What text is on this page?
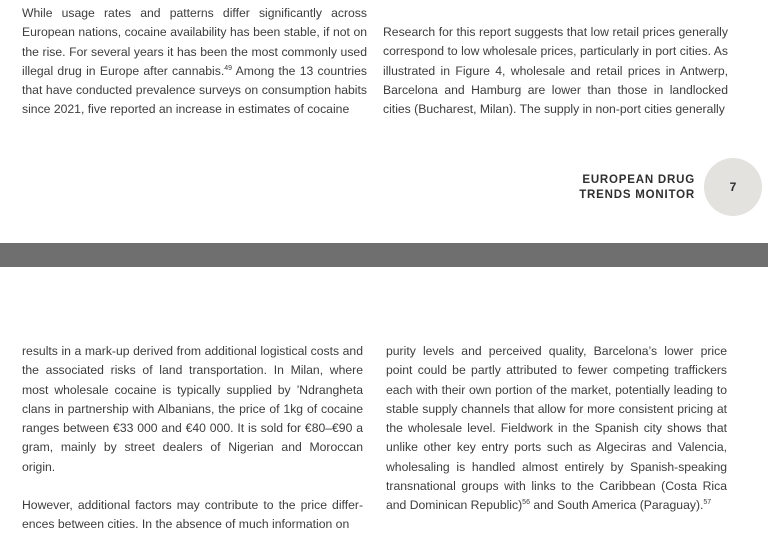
While usage rates and patterns differ significantly across European nations, cocaine availability has been stable, if not on the rise. For several years it has been the most commonly used illegal drug in Europe after cannabis.$^{49}$ Among the 13 countries that have conducted prevalence surveys on consumption habits since 2021, five reported an increase in estimates of cocaine

Research for this report suggests that low retail prices generally correspond to low wholesale prices, particularly in port cities. As illustrated in Figure 4, wholesale and retail prices in Antwerp, Barcelona and Hamburg are lower than those in landlocked cities (Bucharest, Milan). The supply in non-port cities generally

EUROPEAN DRUG
TRENDS MONITOR
7

results in a mark-up derived from additional logistical costs and the associated risks of land transportation. In Milan, where most wholesale cocaine is typically supplied by ’Ndrangheta clans in partnership with Albanians, the price of 1kg of cocaine ranges between €33 000 and €40 000. It is sold for €80–€90 a gram, mainly by street dealers of Nigerian and Moroccan origin.

However, additional factors may contribute to the price differences between cities. In the absence of much information on

purity levels and perceived quality, Barcelona’s lower price point could be partly attributed to fewer competing traffickers each with their own portion of the market, potentially leading to stable supply channels that allow for more consistent pricing at the wholesale level. Fieldwork in the Spanish city shows that unlike other key entry ports such as Algeciras and Valencia, wholesaling is handled almost entirely by Spanish-speaking transnational groups with links to the Caribbean (Costa Rica and Dominican Republic)$^{56}$ and South America (Paraguay).$^{57}$
